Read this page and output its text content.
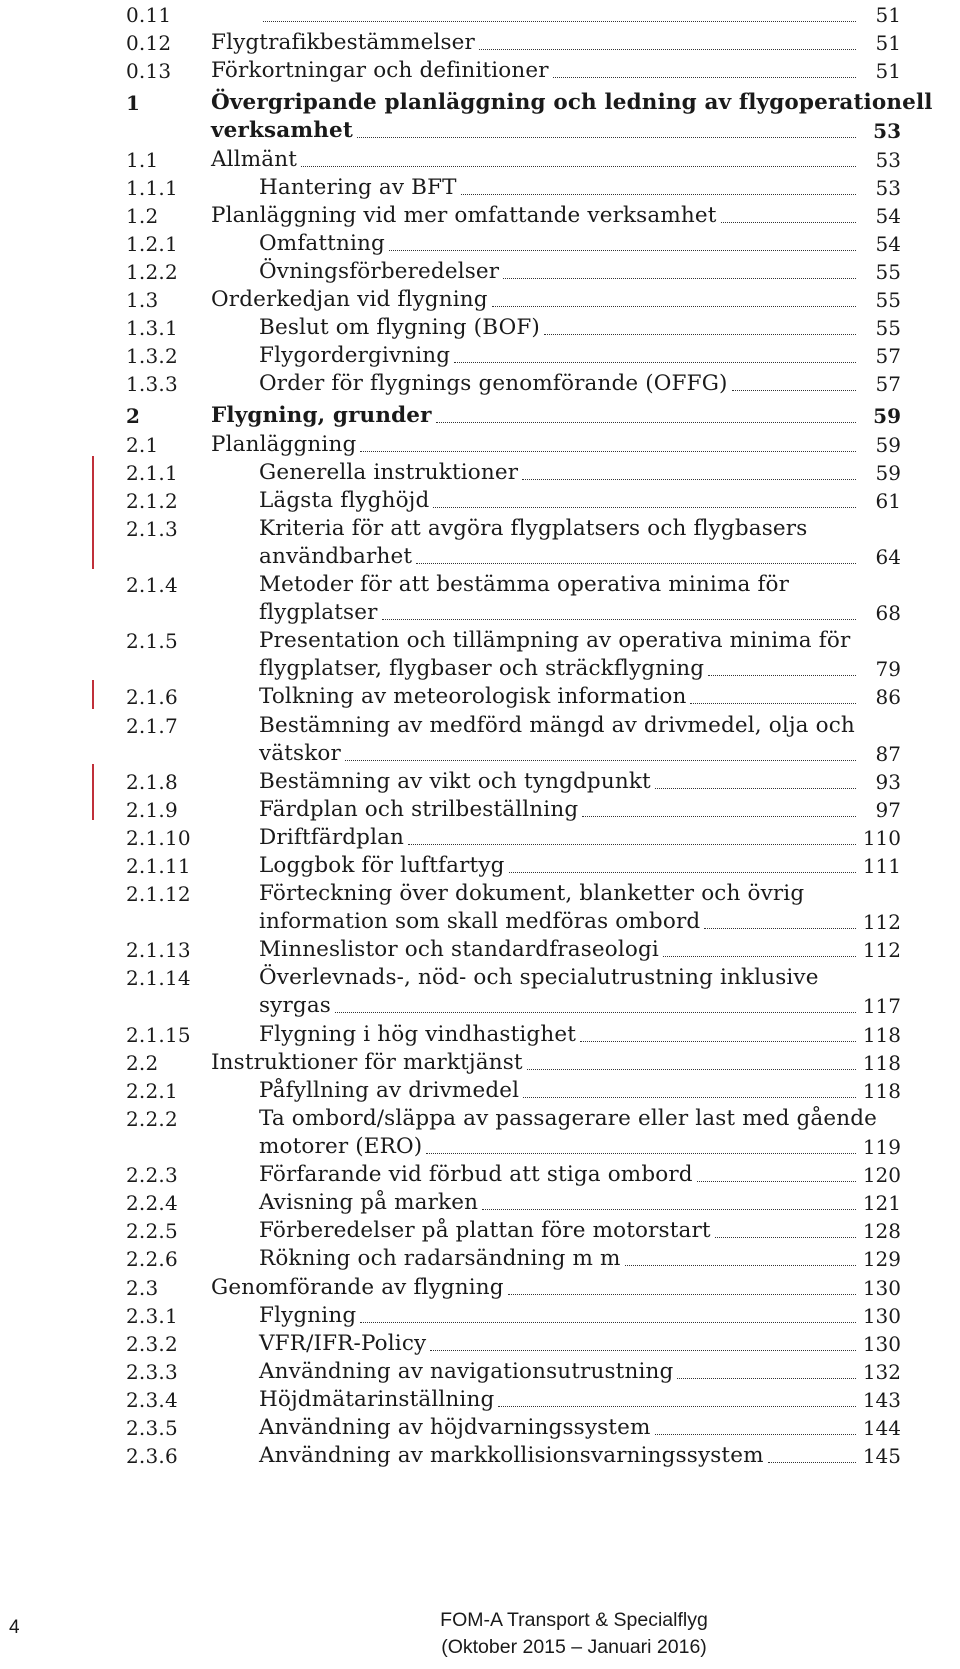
0.11	51
0.12 Flygtrafikbestämmelser	51
0.13 Förkortningar och definitioner	51
1	Övergripande planläggning och ledning av flygoperationell
verksamhet	53
1.1 Allmänt	53
1.1.1	Hantering av BFT	53
1.2 Planläggning vid mer omfattande verksamhet	54
1.2.1	Omfattning	54
1.2.2	Övningsförberedelser	55
1.3 Orderkedjan vid flygning	55
1.3.1	Beslut om flygning (BOF)	55
1.3.2	Flygordergivning	57
1.3.3	Order för flygnings genomförande (OFFG)	57
2	Flygning, grunder	59
2.1 Planläggning	59
2.1.1	Generella instruktioner	59
2.1.2	Lägsta flyghöjd	61
2.1.3	Kriteria för att avgöra flygplatsers och flygbasers
användbarhet	64
2.1.4	Metoder för att bestämma operativa minima för
flygplatser	68
2.1.5	Presentation och tillämpning av operativa minima för
flygplatser, flygbaser och sträckflygning	79
2.1.6	Tolkning av meteorologisk information	86
2.1.7	Bestämning av medförd mängd av drivmedel, olja och
vätskor	87
2.1.8	Bestämning av vikt och tyngdpunkt	93
2.1.9	Färdplan och strilbeställning	97
2.1.10	Driftfärdplan	110
2.1.11	Loggbok för luftfartyg	111
2.1.12	Förteckning över dokument, blanketter och övrig
information som skall medföras ombord	112
2.1.13	Minneslistor och standardfraseologi	112
2.1.14	Överlevnads-, nöd- och specialutrustning inklusive
syrgas	117
2.1.15	Flygning i hög vindhastighet	118
2.2 Instruktioner för marktjänst	118
2.2.1	Påfyllning av drivmedel	118
2.2.2	Ta ombord/släppa av passagerare eller last med gående
motorer (ERO)	119
2.2.3	Förfarande vid förbud att stiga ombord	120
2.2.4	Avisning på marken	121
2.2.5	Förberedelser på plattan före motorstart	128
2.2.6	Rökning och radarsändning m m	129
2.3 Genomförande av flygning	130
2.3.1	Flygning	130
2.3.2	VFR/IFR-Policy	130
2.3.3	Användning av navigationsutrustning	132
2.3.4	Höjdmätarinställning	143
2.3.5	Användning av höjdvarningssystem	144
2.3.6	Användning av markkollisionsvarningssystem	145
4	FOM-A Transport & Specialflyg
(Oktober 2015 – Januari 2016)
